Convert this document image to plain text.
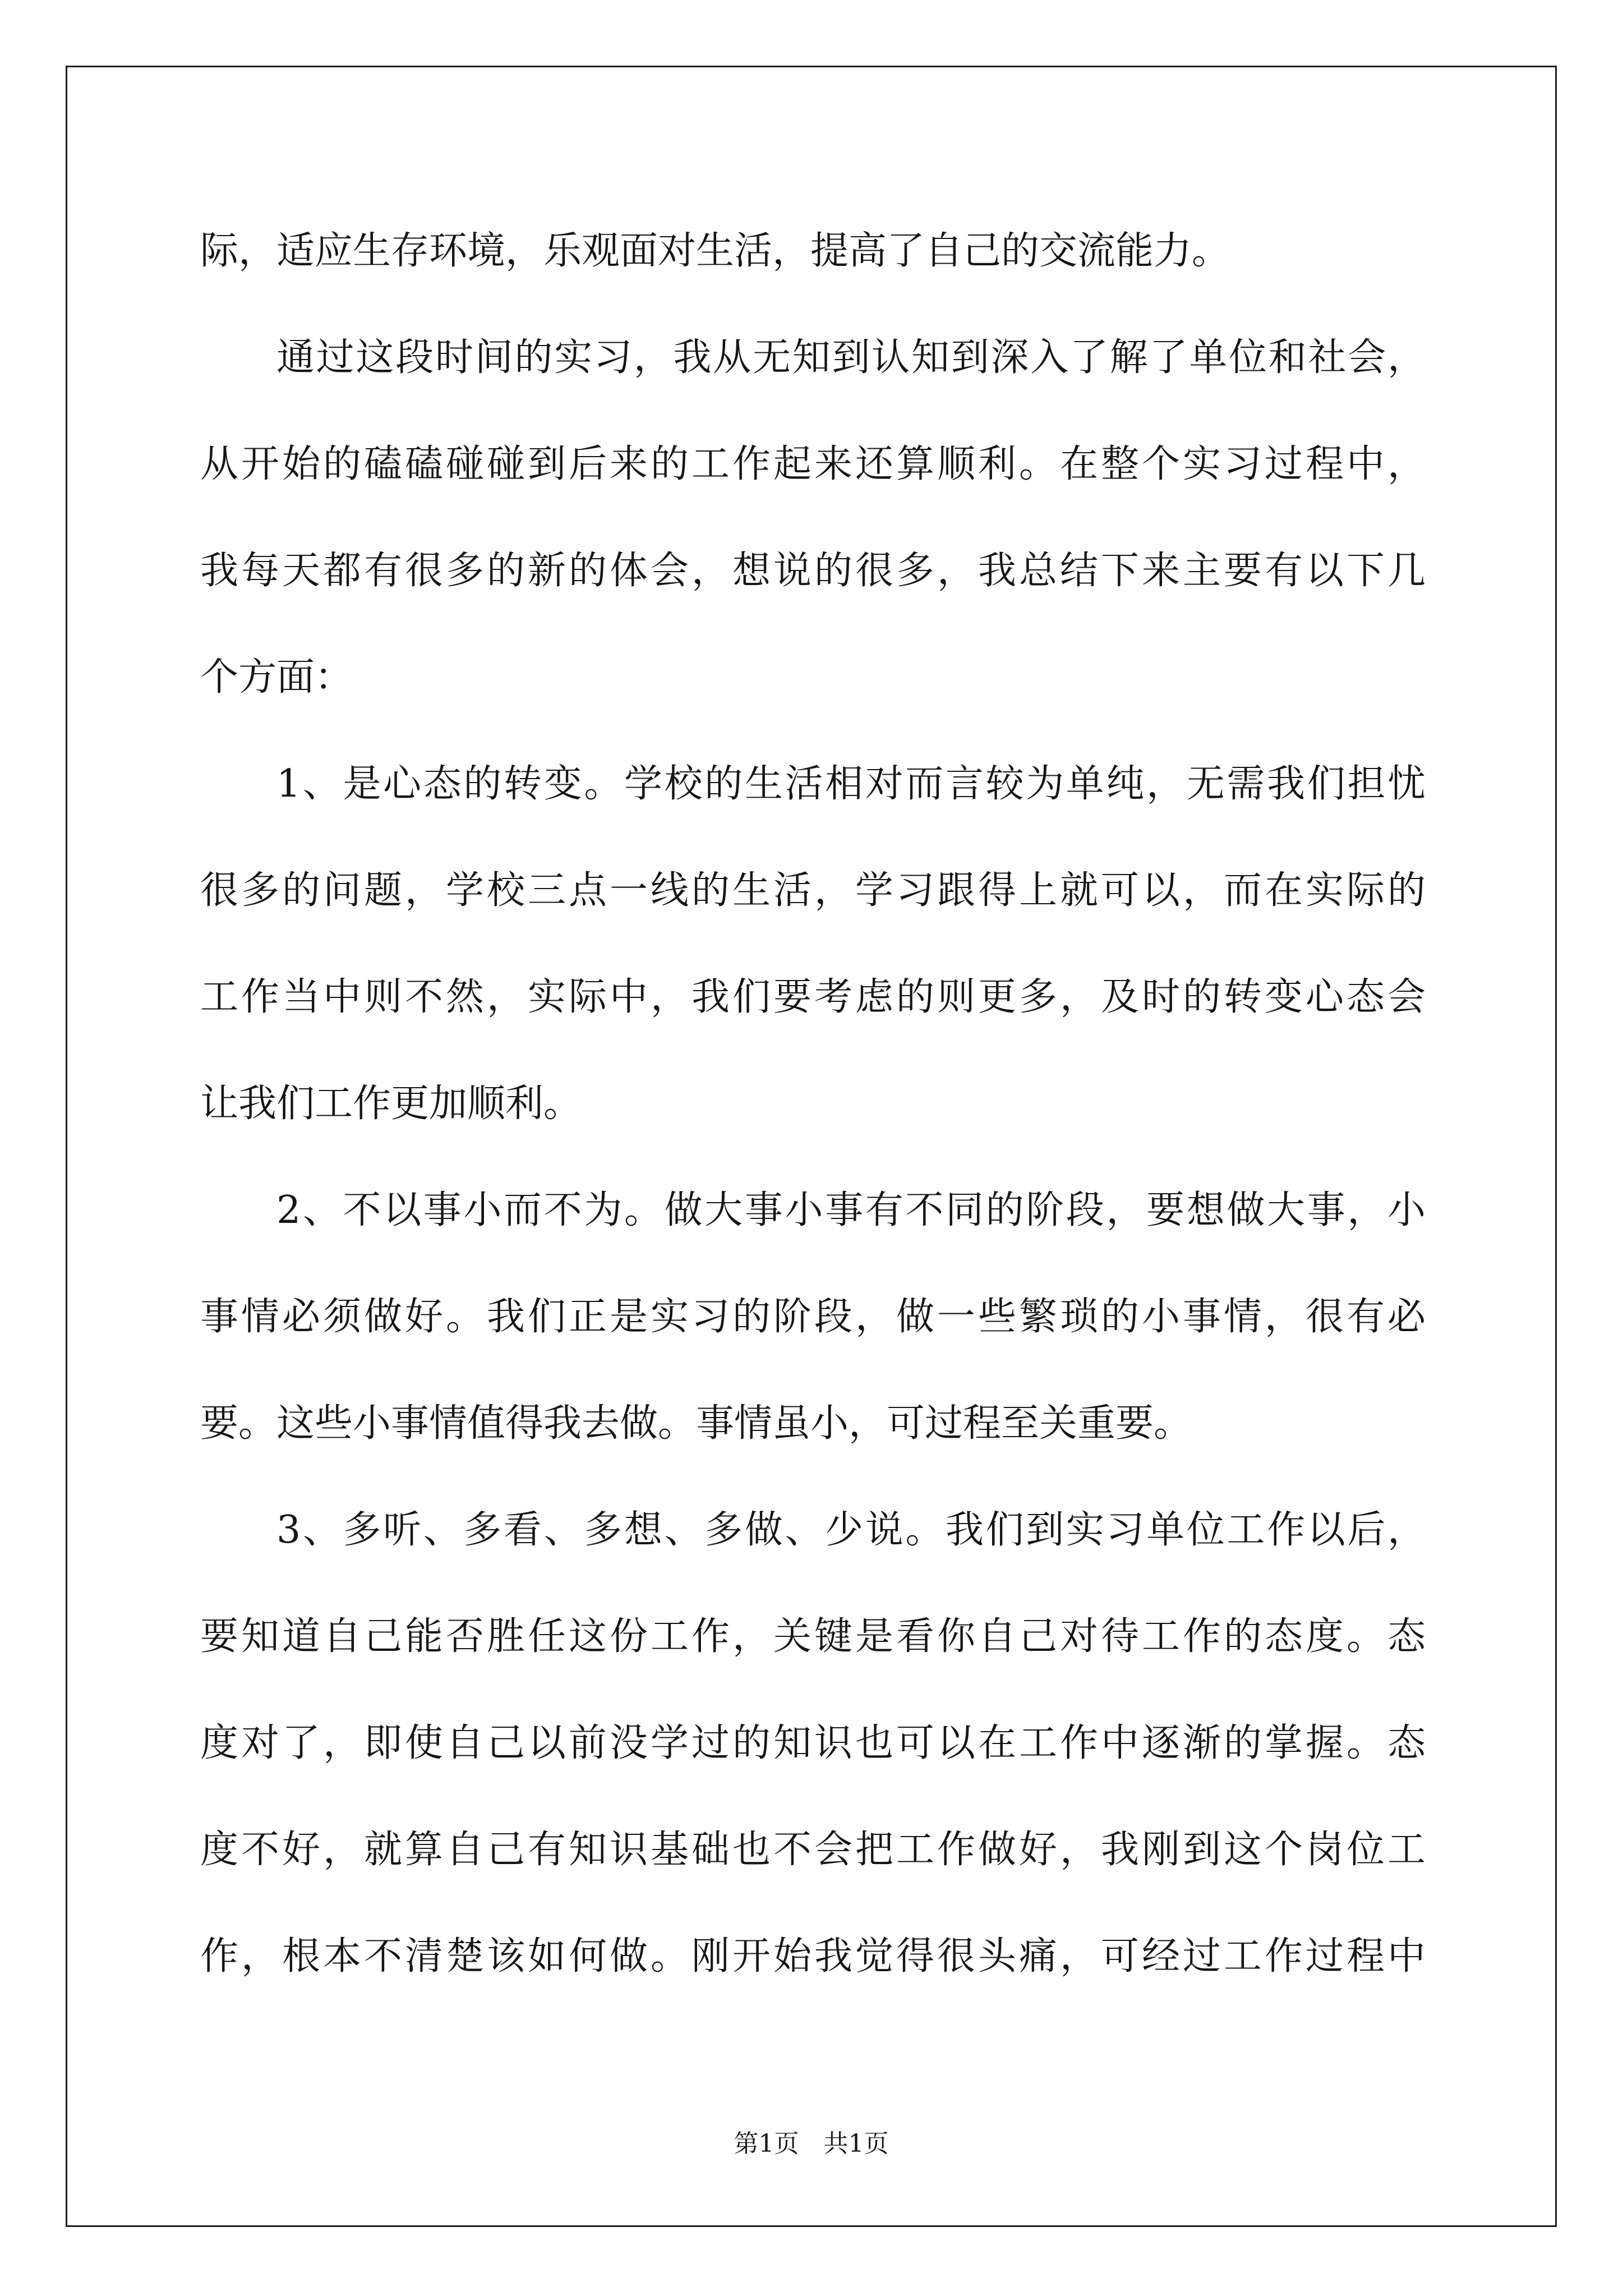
际，适应生存环境，乐观面对生活，提高了自己的交流能力。
通过这段时间的实习，我从无知到认知到深入了解了单位和社会，
从开始的磕磕碰碰到后来的工作起来还算顺利。在整个实习过程中，
我每天都有很多的新的体会，想说的很多，我总结下来主要有以下几
个方面：
1、是心态的转变。学校的生活相对而言较为单纯，无需我们担忧
很多的问题，学校三点一线的生活，学习跟得上就可以，而在实际的
工作当中则不然，实际中，我们要考虑的则更多，及时的转变心态会
让我们工作更加顺利。
2、不以事小而不为。做大事小事有不同的阶段，要想做大事，小
事情必须做好。我们正是实习的阶段，做一些繁琐的小事情，很有必
要。这些小事情值得我去做。事情虽小，可过程至关重要。
3、多听、多看、多想、多做、少说。我们到实习单位工作以后，
要知道自己能否胜任这份工作，关键是看你自己对待工作的态度。态
度对了，即使自己以前没学过的知识也可以在工作中逐渐的掌握。态
度不好，就算自己有知识基础也不会把工作做好，我刚到这个岗位工
作，根本不清楚该如何做。刚开始我觉得很头痛，可经过工作过程中
第1页　共1页
